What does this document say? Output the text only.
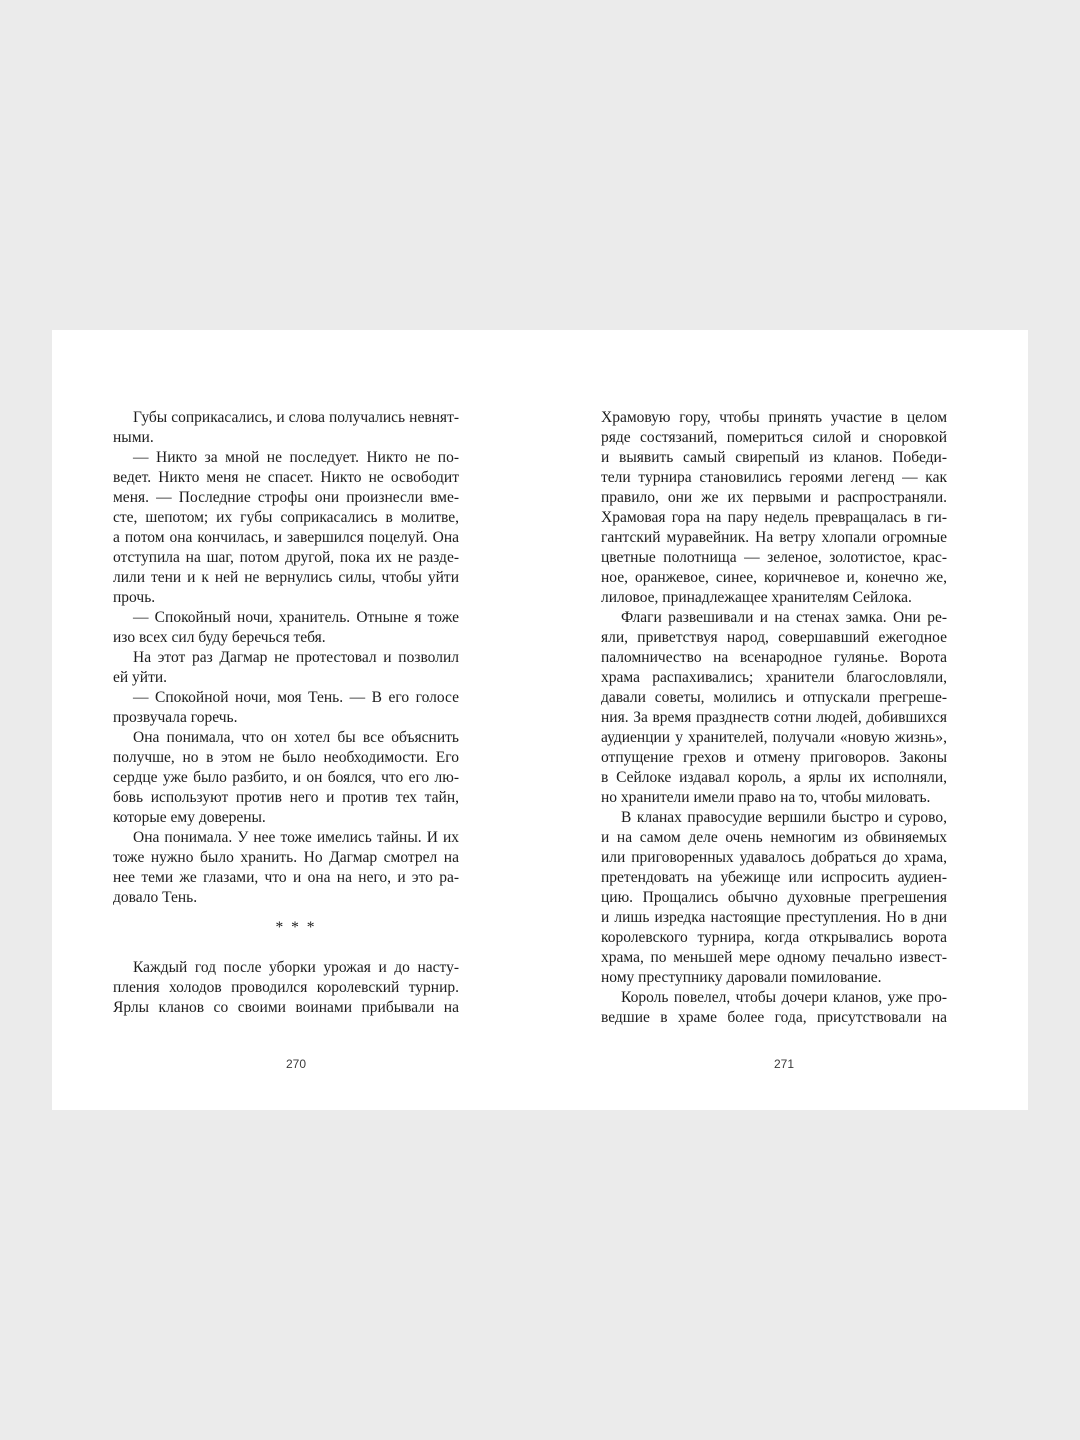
Губы соприкасались, и слова получались невнят-
ными.
— Никто за мной не последует. Никто не по-
ведет. Никто меня не спасет. Никто не освободит
меня. — Последние строфы они произнесли вме-
сте, шепотом; их губы соприкасались в молитве,
а потом она кончилась, и завершился поцелуй. Она
отступила на шаг, потом другой, пока их не разде-
лили тени и к ней не вернулись силы, чтобы уйти
прочь.
— Спокойный ночи, хранитель. Отныне я тоже
изо всех сил буду беречься тебя.
На этот раз Дагмар не протестовал и позволил
ей уйти.
— Спокойной ночи, моя Тень. — В его голосе
прозвучала горечь.
Она понимала, что он хотел бы все объяснить
получше, но в этом не было необходимости. Его
сердце уже было разбито, и он боялся, что его лю-
бовь используют против него и против тех тайн,
которые ему доверены.
Она понимала. У нее тоже имелись тайны. И их
тоже нужно было хранить. Но Дагмар смотрел на
нее теми же глазами, что и она на него, и это ра-
довало Тень.
* * *
Каждый год после уборки урожая и до насту-
пления холодов проводился королевский турнир.
Ярлы кланов со своими воинами прибывали на
270
Храмовую гору, чтобы принять участие в целом
ряде состязаний, помериться силой и сноровкой
и выявить самый свирепый из кланов. Победи-
тели турнира становились героями легенд — как
правило, они же их первыми и распространяли.
Храмовая гора на пару недель превращалась в ги-
гантский муравейник. На ветру хлопали огромные
цветные полотнища — зеленое, золотистое, крас-
ное, оранжевое, синее, коричневое и, конечно же,
лиловое, принадлежащее хранителям Сейлока.
Флаги развешивали и на стенах замка. Они ре-
яли, приветствуя народ, совершавший ежегодное
паломничество на всенародное гулянье. Ворота
храма распахивались; хранители благословляли,
давали советы, молились и отпускали прегреше-
ния. За время празднеств сотни людей, добившихся
аудиенции у хранителей, получали «новую жизнь»,
отпущение грехов и отмену приговоров. Законы
в Сейлоке издавал король, а ярлы их исполняли,
но хранители имели право на то, чтобы миловать.
В кланах правосудие вершили быстро и сурово,
и на самом деле очень немногим из обвиняемых
или приговоренных удавалось добраться до храма,
претендовать на убежище или испросить аудиен-
цию. Прощались обычно духовные прегрешения
и лишь изредка настоящие преступления. Но в дни
королевского турнира, когда открывались ворота
храма, по меньшей мере одному печально извест-
ному преступнику даровали помилование.
Король повелел, чтобы дочери кланов, уже про-
ведшие в храме более года, присутствовали на
271
